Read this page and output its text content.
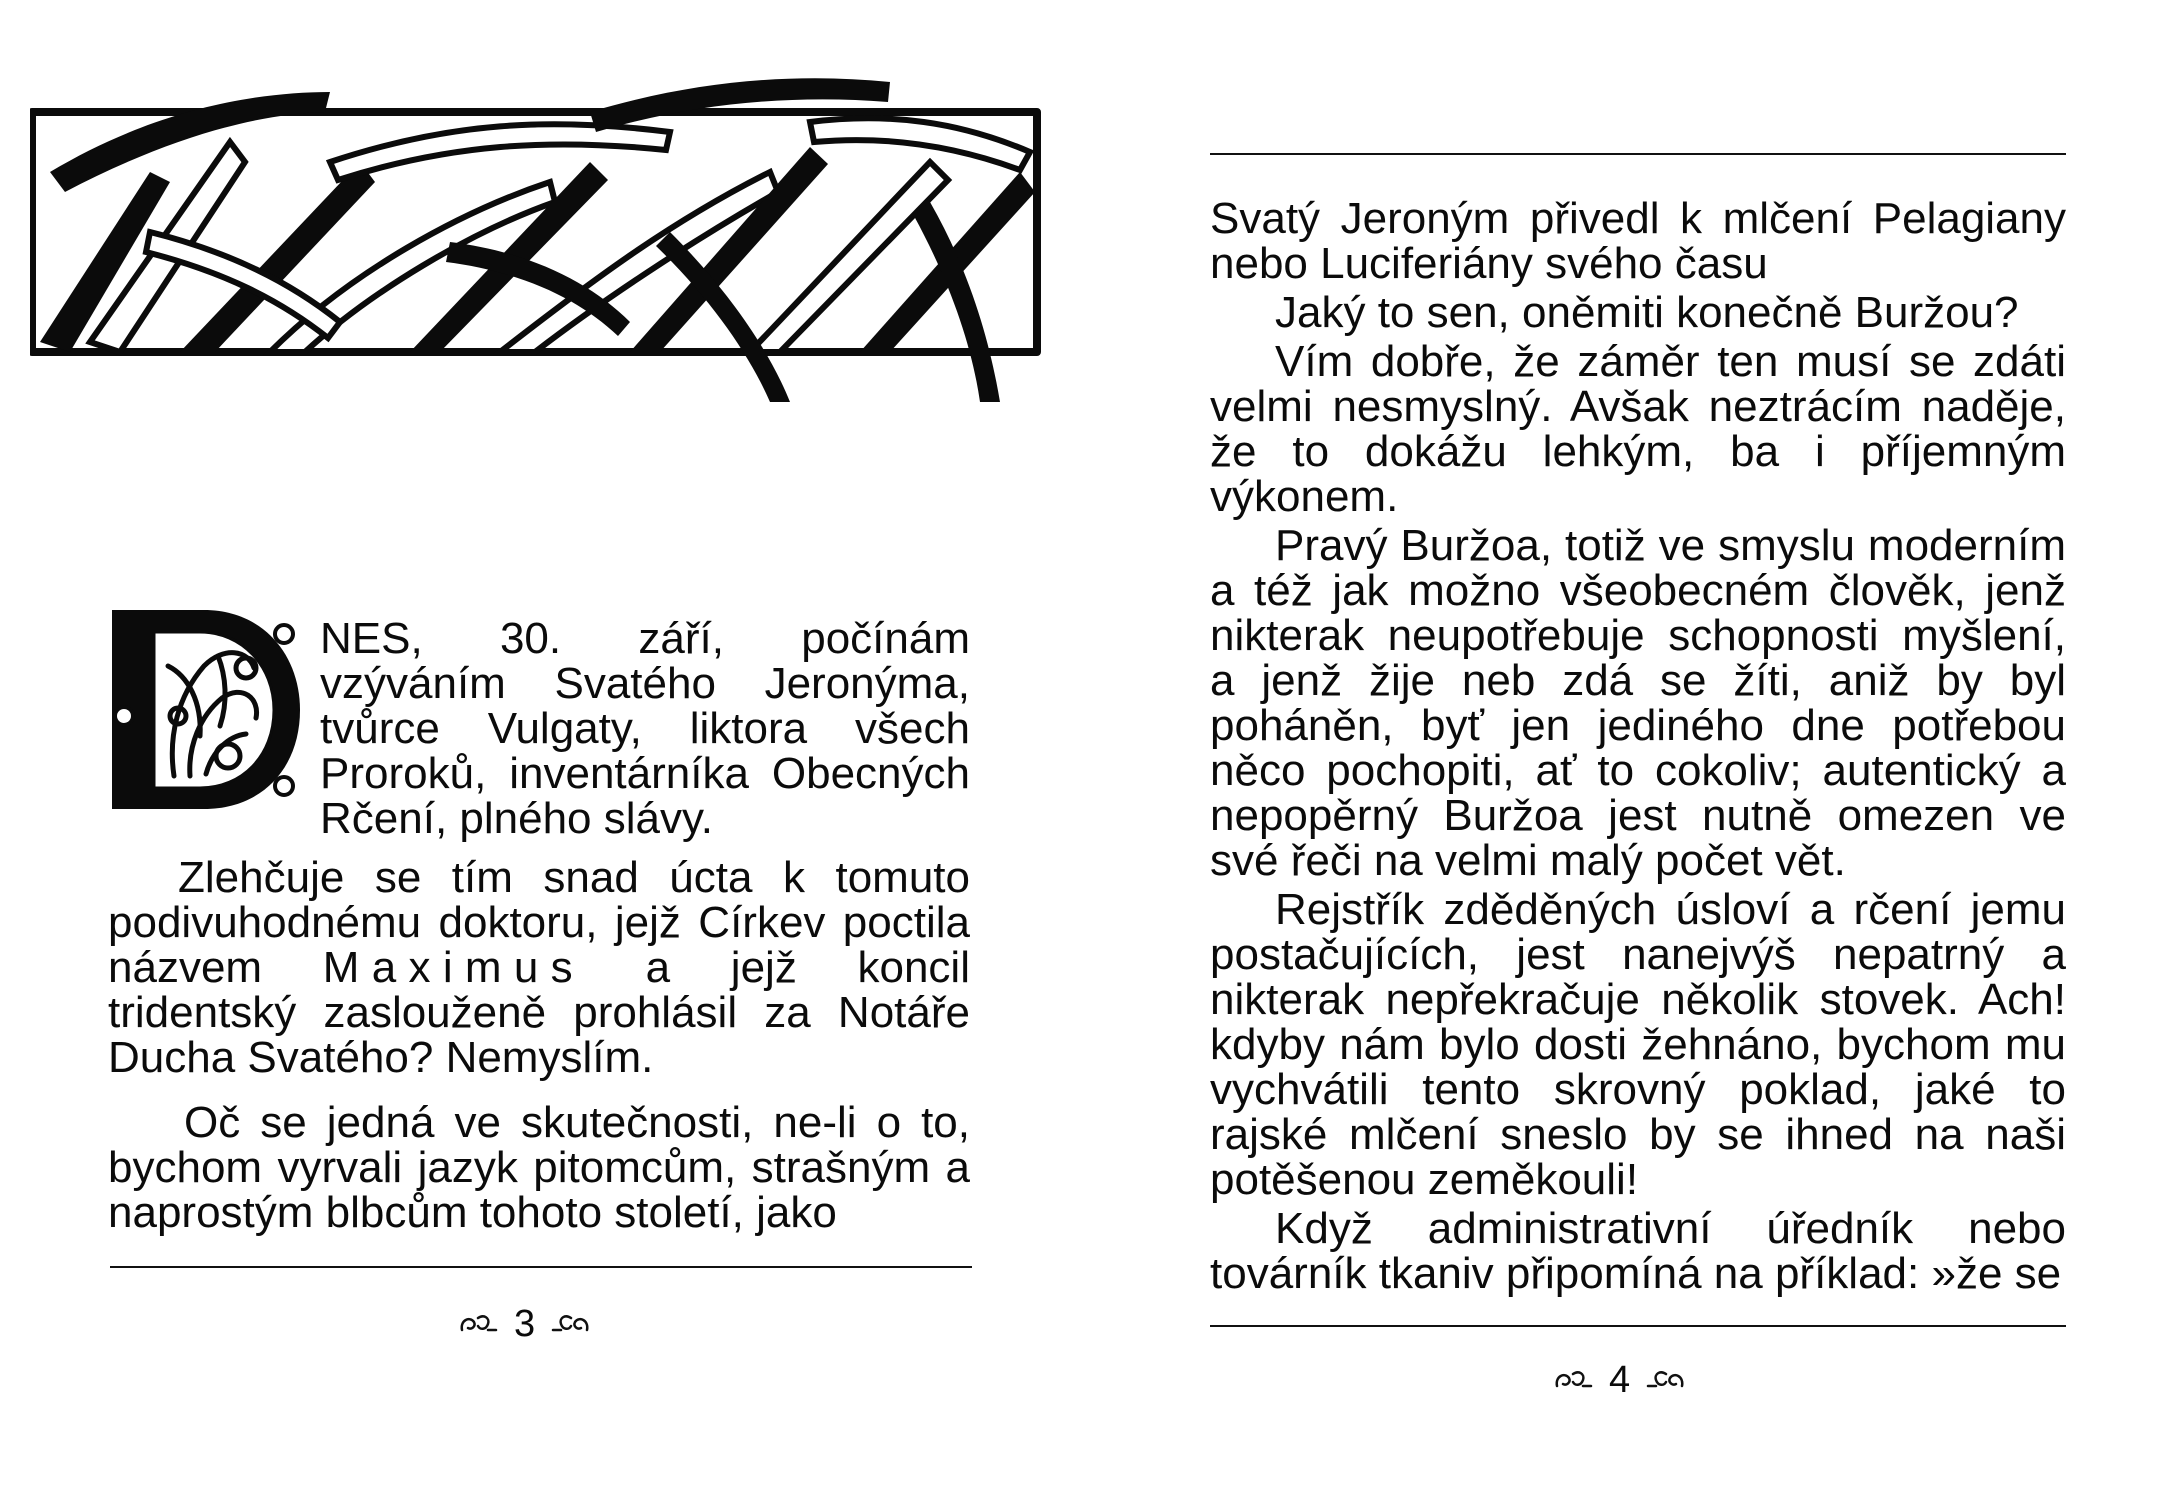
NES, 30. září, počínám vzýváním Svatého Jeronýma, tvůrce Vulgaty, liktora všech Proroků, inventárníka Obecných Rčení, plného slávy.

Zlehčuje se tím snad úcta k tomuto podivuhodnému doktoru, jejž Církev poctila názvem Maximus a jejž koncil tridentský zaslouženě prohlásil za Notáře Ducha Svatého? Nemyslím.

Oč se jedná ve skutečnosti, ne-li o to, bychom vyrvali jazyk pitomcům, strašným a naprostým blbcům tohoto století, jako

3

Svatý Jeroným přivedl k mlčení Pelagiany nebo Luciferiány svého času

Jaký to sen, oněmiti konečně Buržou?

Vím dobře, že záměr ten musí se zdáti velmi nesmyslný. Avšak neztrácím naděje, že to dokážu lehkým, ba i příjemným výkonem.

Pravý Buržoa, totiž ve smyslu moderním a též jak možno všeobecném člověk, jenž nikterak neupotřebuje schopnosti myšlení, a jenž žije neb zdá se žíti, aniž by byl poháněn, byť jen jediného dne potřebou něco pochopiti, ať to cokoliv; autentický a nepopěrný Buržoa jest nutně omezen ve své řeči na velmi malý počet vět.

Rejstřík zděděných úsloví a rčení jemu postačujících, jest nanejvýš nepatrný a nikterak nepřekračuje několik stovek. Ach! kdyby nám bylo dosti žehnáno, bychom mu vychvátili tento skrovný poklad, jaké to rajské mlčení sneslo by se ihned na naši potěšenou zeměkouli!

Když administrativní úředník nebo továrník tkaniv připomíná na příklad: »že se

4
